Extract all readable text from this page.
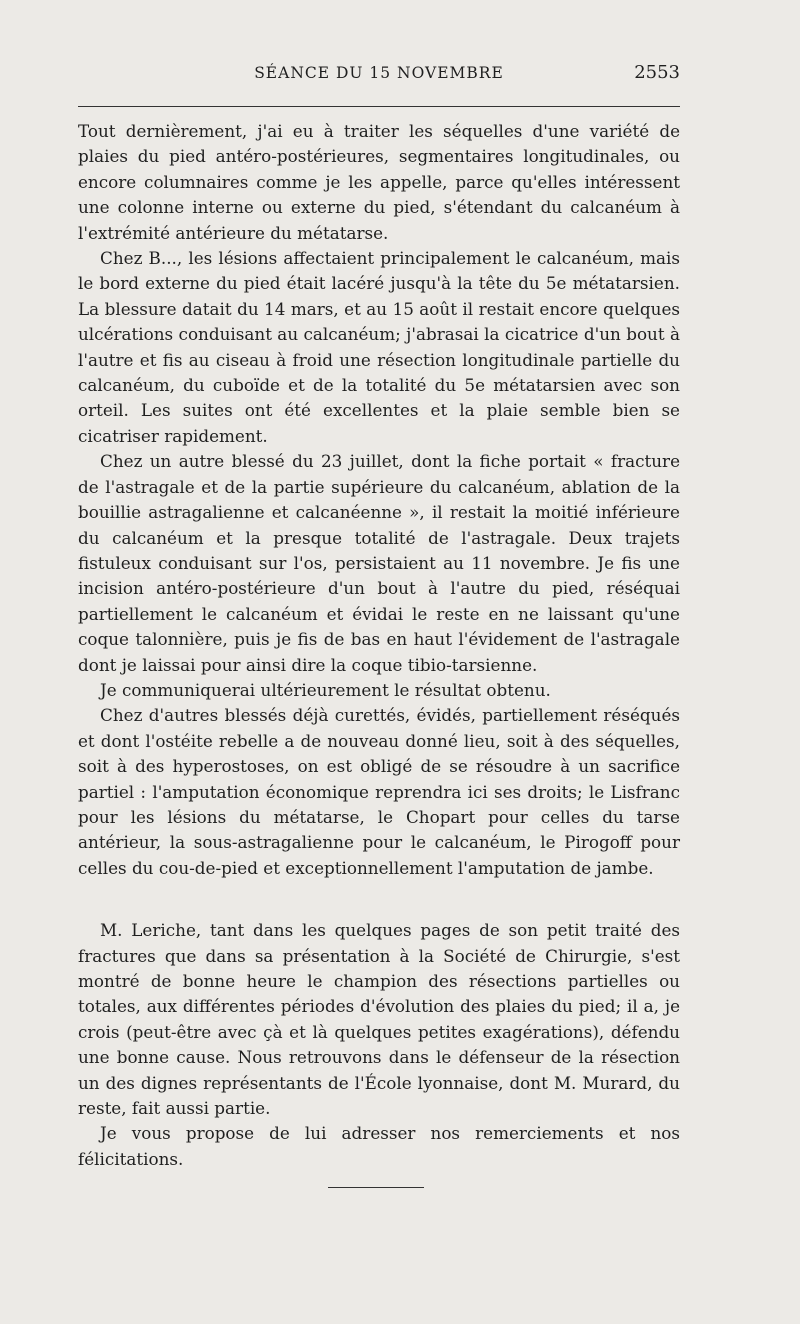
SÉANCE DU 15 NOVEMBRE	2553

Tout dernièrement, j'ai eu à traiter les séquelles d'une variété de plaies du pied antéro-postérieures, segmentaires longitudinales, ou encore columnaires comme je les appelle, parce qu'elles intéressent une colonne interne ou externe du pied, s'étendant du calcanéum à l'extrémité antérieure du métatarse.

Chez B..., les lésions affectaient principalement le calcanéum, mais le bord externe du pied était lacéré jusqu'à la tête du 5e métatarsien. La blessure datait du 14 mars, et au 15 août il restait encore quelques ulcérations conduisant au calcanéum; j'abrasai la cicatrice d'un bout à l'autre et fis au ciseau à froid une résection longitudinale partielle du calcanéum, du cuboïde et de la totalité du 5e métatarsien avec son orteil. Les suites ont été excellentes et la plaie semble bien se cicatriser rapidement.

Chez un autre blessé du 23 juillet, dont la fiche portait « fracture de l'astragale et de la partie supérieure du calcanéum, ablation de la bouillie astragalienne et calcanéenne », il restait la moitié inférieure du calcanéum et la presque totalité de l'astragale. Deux trajets fistuleux conduisant sur l'os, persistaient au 11 novembre. Je fis une incision antéro-postérieure d'un bout à l'autre du pied, réséquai partiellement le calcanéum et évidai le reste en ne laissant qu'une coque talonnière, puis je fis de bas en haut l'évidement de l'astragale dont je laissai pour ainsi dire la coque tibio-tarsienne.

Je communiquerai ultérieurement le résultat obtenu.

Chez d'autres blessés déjà curettés, évidés, partiellement réséqués et dont l'ostéite rebelle a de nouveau donné lieu, soit à des séquelles, soit à des hyperostoses, on est obligé de se résoudre à un sacrifice partiel : l'amputation économique reprendra ici ses droits; le Lisfranc pour les lésions du métatarse, le Chopart pour celles du tarse antérieur, la sous-astragalienne pour le calcanéum, le Pirogoff pour celles du cou-de-pied et exceptionnellement l'amputation de jambe.

M. Leriche, tant dans les quelques pages de son petit traité des fractures que dans sa présentation à la Société de Chirurgie, s'est montré de bonne heure le champion des résections partielles ou totales, aux différentes périodes d'évolution des plaies du pied; il a, je crois (peut-être avec çà et là quelques petites exagérations), défendu une bonne cause. Nous retrouvons dans le défenseur de la résection un des dignes représentants de l'École lyonnaise, dont M. Murard, du reste, fait aussi partie.

Je vous propose de lui adresser nos remerciements et nos félicitations.
